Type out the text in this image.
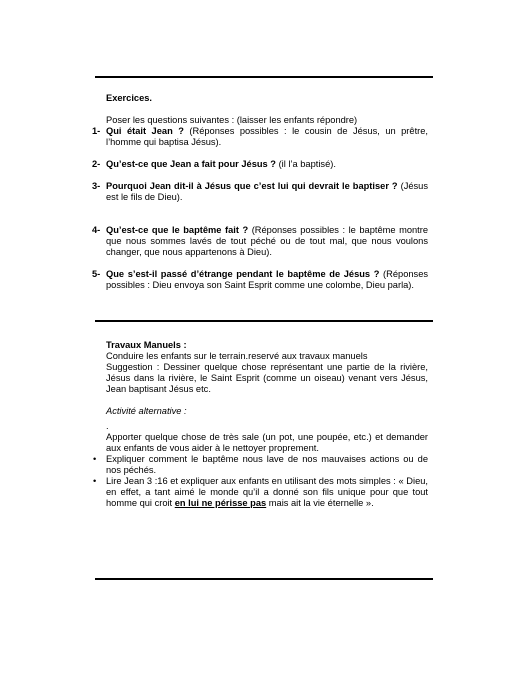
Exercices.

Poser les questions suivantes : (laisser les enfants répondre)

1- Qui était Jean ? (Réponses possibles : le cousin de Jésus, un prêtre, l’homme qui baptisa Jésus).

2- Qu’est-ce que Jean a fait pour Jésus ? (il l’a baptisé).

3- Pourquoi Jean dit-il à Jésus que c’est lui qui devrait le baptiser ? (Jésus est le fils de Dieu).

4- Qu’est-ce que le baptême fait ? (Réponses possibles : le baptême montre que nous sommes lavés de tout péché ou de tout mal, que nous voulons changer, que nous appartenons à Dieu).

5- Que s’est-il passé d’étrange pendant le baptême de Jésus ? (Réponses possibles : Dieu envoya son Saint Esprit comme une colombe, Dieu parla).

Travaux Manuels :

Conduire les enfants sur le terrain.reservé aux travaux manuels

Suggestion : Dessiner quelque chose représentant une partie de la rivière, Jésus dans la rivière, le Saint Esprit (comme un oiseau) venant vers Jésus, Jean baptisant Jésus etc.

Activité alternative :

.

Apporter quelque chose de très sale (un pot, une poupée, etc.) et demander aux enfants de vous aider à le nettoyer proprement.

• Expliquer comment le baptême nous lave de nos mauvaises actions ou de nos péchés.

• Lire Jean 3 :16 et expliquer aux enfants en utilisant des mots simples : « Dieu, en effet, a tant aimé le monde qu’il a donné son fils unique pour que tout homme qui croit en lui ne périsse pas mais ait la vie éternelle ».
